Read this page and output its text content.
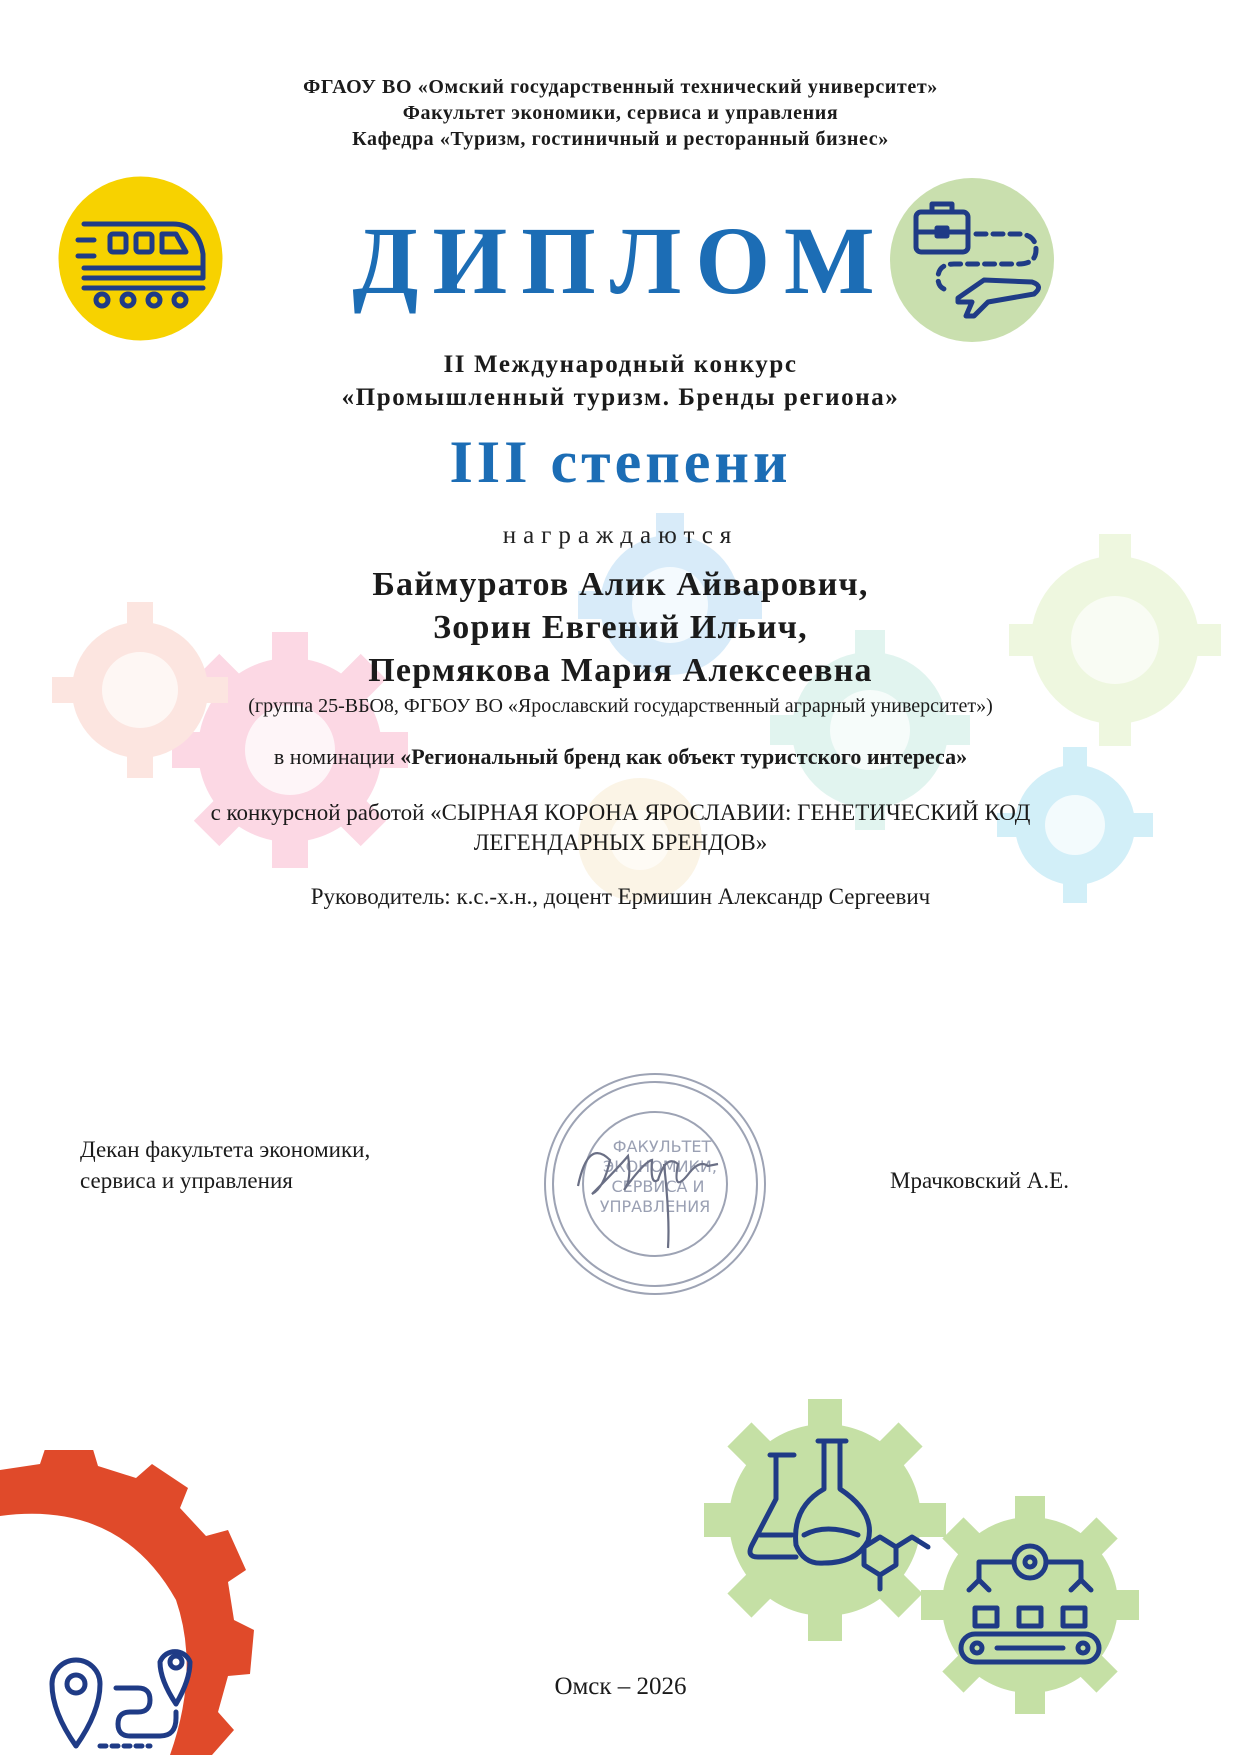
ФГАОУ ВО «Омский государственный технический университет»
Факультет экономики, сервиса и управления
Кафедра «Туризм, гостиничный и ресторанный бизнес»
ДИПЛОМ
II Международный конкурс
«Промышленный туризм. Бренды региона»
III степени
награждаются
Баймуратов Алик Айварович,
Зорин Евгений Ильич,
Пермякова Мария Алексеевна
(группа 25-ВБО8, ФГБОУ ВО «Ярославский государственный аграрный университет»)
в номинации «Региональный бренд как объект туристского интереса»
с конкурсной работой «СЫРНАЯ КОРОНА ЯРОСЛАВИИ: ГЕНЕТИЧЕСКИЙ КОД
ЛЕГЕНДАРНЫХ БРЕНДОВ»
Руководитель: к.с.-х.н., доцент Ермишин Александр Сергеевич
Декан факультета экономики,
сервиса и управления	Мрачковский А.Е.
ФАКУЛЬТЕТ
ЭКОНОМИКИ,
СЕРВИСА И
УПРАВЛЕНИЯ
Омск – 2026
